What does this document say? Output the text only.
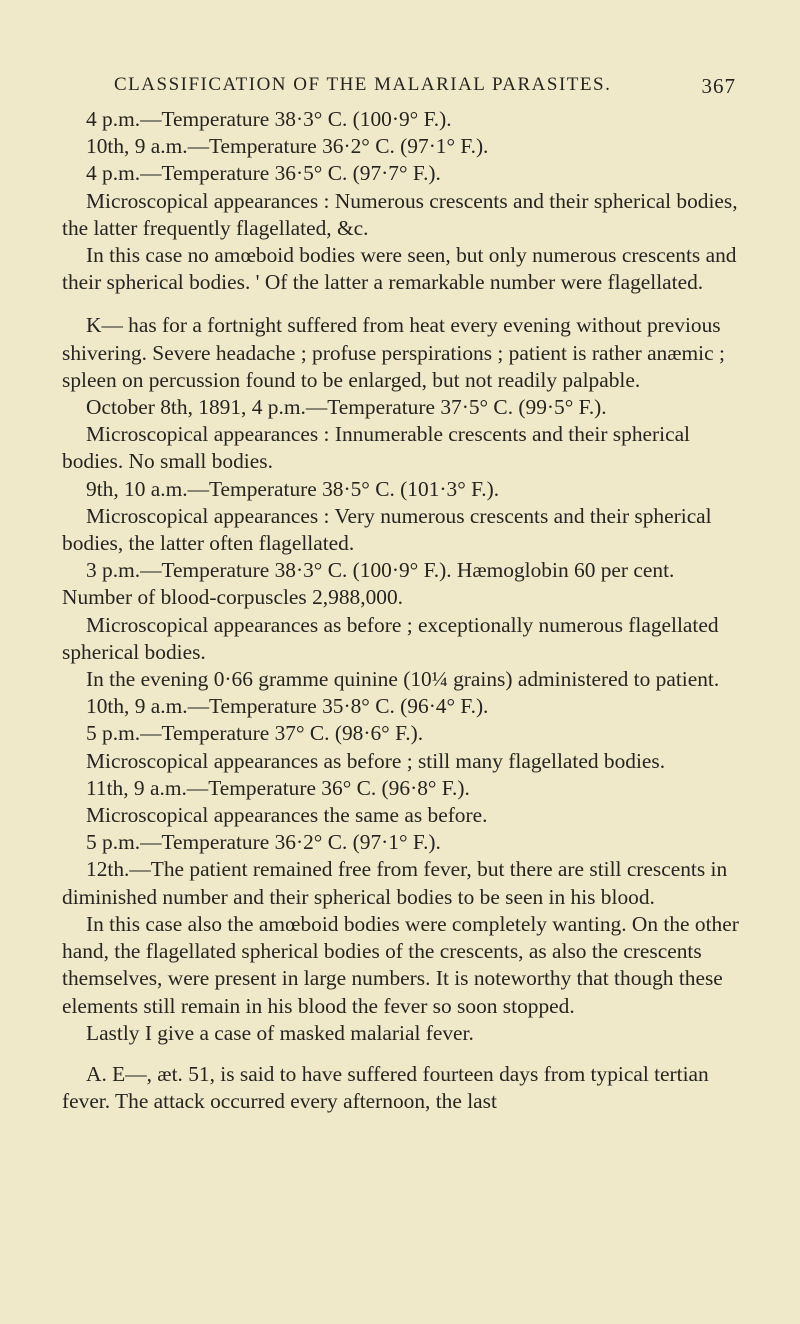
CLASSIFICATION OF THE MALARIAL PARASITES.	367

4 p.m.—Temperature 38·3° C. (100·9° F.).

10th, 9 a.m.—Temperature 36·2° C. (97·1° F.).

4 p.m.—Temperature 36·5° C. (97·7° F.).

Microscopical appearances : Numerous crescents and their spherical bodies, the latter frequently flagellated, &c.

In this case no amœboid bodies were seen, but only numerous crescents and their spherical bodies. ' Of the latter a remarkable number were flagellated.

K— has for a fortnight suffered from heat every evening without previous shivering. Severe headache ; profuse perspirations ; patient is rather anæmic ; spleen on percussion found to be enlarged, but not readily palpable.

October 8th, 1891, 4 p.m.—Temperature 37·5° C. (99·5° F.).

Microscopical appearances : Innumerable crescents and their spherical bodies. No small bodies.

9th, 10 a.m.—Temperature 38·5° C. (101·3° F.).

Microscopical appearances : Very numerous crescents and their spherical bodies, the latter often flagellated.

3 p.m.—Temperature 38·3° C. (100·9° F.). Hæmoglobin 60 per cent. Number of blood-corpuscles 2,988,000.

Microscopical appearances as before ; exceptionally numerous flagellated spherical bodies.

In the evening 0·66 gramme quinine (10¼ grains) administered to patient.

10th, 9 a.m.—Temperature 35·8° C. (96·4° F.).

5 p.m.—Temperature 37° C. (98·6° F.).

Microscopical appearances as before ; still many flagellated bodies.

11th, 9 a.m.—Temperature 36° C. (96·8° F.).

Microscopical appearances the same as before.

5 p.m.—Temperature 36·2° C. (97·1° F.).

12th.—The patient remained free from fever, but there are still crescents in diminished number and their spherical bodies to be seen in his blood.

In this case also the amœboid bodies were completely wanting. On the other hand, the flagellated spherical bodies of the crescents, as also the crescents themselves, were present in large numbers. It is noteworthy that though these elements still remain in his blood the fever so soon stopped.

Lastly I give a case of masked malarial fever.

A. E—, æt. 51, is said to have suffered fourteen days from typical tertian fever. The attack occurred every afternoon, the last
